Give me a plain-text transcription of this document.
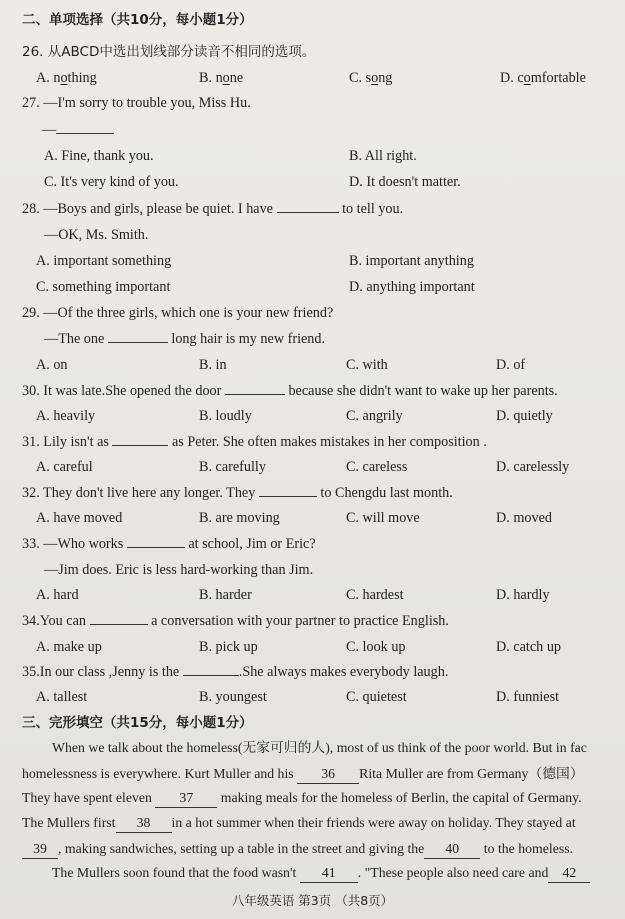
二、单项选择（共10分，每小题1分）
26. 从ABCD中选出划线部分读音不相同的选项。
A. nothing	B. none	C. song	D. comfortable
27. —I'm sorry to trouble you, Miss Hu.
—
A. Fine, thank you.	B. All right.
C. It's very kind of you.	D. It doesn't matter.
28. —Boys and girls, please be quiet. I have	to tell you.
—OK, Ms. Smith.
A. important something	B. important anything
C. something important	D. anything important
29. —Of the three girls, which one is your new friend?
—The one	long hair is my new friend.
A. on	B. in	C. with	D. of
30. It was late.She opened the door	because she didn't want to wake up her parents.
A. heavily	B. loudly	C. angrily	D. quietly
31. Lily isn't as	as Peter. She often makes mistakes in her composition .
A. careful	B. carefully	C. careless	D. carelessly
32. They don't live here any longer. They	to Chengdu last month.
A. have moved	B. are moving	C. will move	D. moved
33. —Who works	at school, Jim or Eric?
—Jim does. Eric is less hard-working than Jim.
A. hard	B. harder	C. hardest	D. hardly
34.You can	a conversation with your partner to practice English.
A. make up	B. pick up	C. look up	D. catch up
35.In our class ,Jenny is the	.She always makes everybody laugh.
A. tallest	B. youngest	C. quietest	D. funniest
三、完形填空（共15分，每小题1分）
When we talk about the homeless(无家可归的人), most of us think of the poor world. But in fac
homelessness is everywhere. Kurt Muller and his 36 Rita Muller are from Germany（德国）
They have spent eleven 37 making meals for the homeless of Berlin, the capital of Germany.
The Mullers first 38 in a hot summer when their friends were away on holiday. They stayed at
39 , making sandwiches, setting up a table in the street and giving the 40 to the homeless.
The Mullers soon found that the food wasn't 41 . "These people also need care and 42
八年级英语 第3页 （共8页）
